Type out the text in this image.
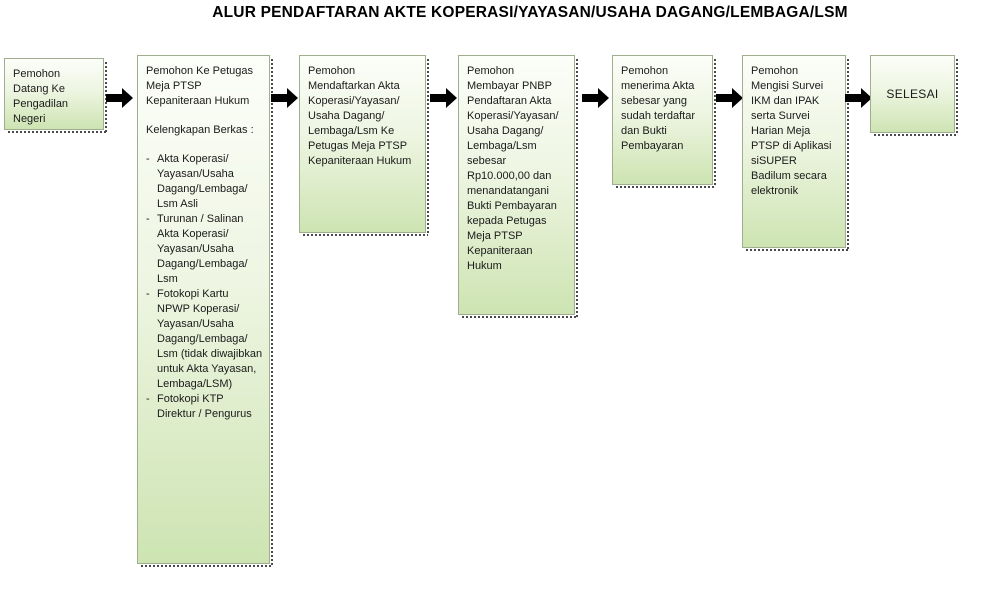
ALUR PENDAFTARAN AKTE KOPERASI/YAYASAN/USAHA DAGANG/LEMBAGA/LSM
Pemohon Datang Ke Pengadilan Negeri
Pemohon Ke Petugas Meja PTSP Kepaniteraan Hukum
Kelengkapan Berkas :
- Akta Koperasi/​Yayasan/​Usaha Dagang/​Lembaga/​Lsm Asli
- Turunan /​ Salinan Akta Koperasi/​Yayasan/​Usaha Dagang/​Lembaga/​Lsm
- Fotokopi Kartu NPWP Koperasi/​Yayasan/​Usaha Dagang/​Lembaga/​Lsm (tidak diwajibkan untuk Akta Yayasan, Lembaga/​LSM)
- Fotokopi KTP Direktur /​ Pengurus
Pemohon Mendaftarkan Akta Koperasi/​Yayasan/​Usaha Dagang/​Lembaga/​Lsm Ke Petugas Meja PTSP Kepaniteraan Hukum
Pemohon Membayar PNBP Pendaftaran Akta Koperasi/​Yayasan/​Usaha Dagang/​Lembaga/​Lsm sebesar Rp10.000,00 dan menandatangani Bukti Pembayaran kepada Petugas Meja PTSP Kepaniteraan Hukum
Pemohon menerima Akta sebesar yang sudah terdaftar dan Bukti Pembayaran
Pemohon Mengisi Survei IKM dan IPAK serta Survei Harian Meja PTSP di Aplikasi siSUPER Badilum secara elektronik
SELESAI
